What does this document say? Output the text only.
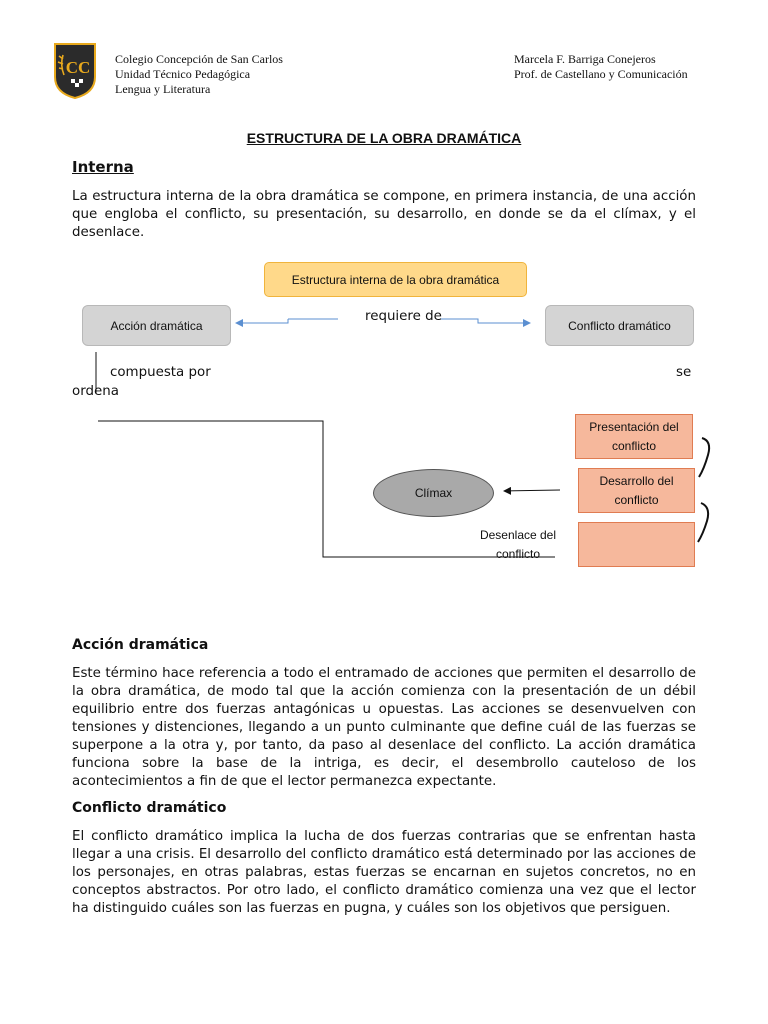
CC Colegio Concepción de San Carlos
Unidad Técnico Pedagógica
Lengua y Literatura
Marcela F. Barriga Conejeros
Prof. de Castellano y Comunicación
ESTRUCTURA DE LA OBRA DRAMÁTICA
Interna

La estructura interna de la obra dramática se compone, en primera instancia, de una acción que engloba el conflicto, su presentación, su desarrollo, en donde se da el clímax, y el desenlace.

Estructura interna de la obra dramática
Acción dramática	Conflicto dramático
requiere de
compuesta por	se
ordena
Presentación del conflicto
Desarrollo del conflicto
Clímax
Desenlace del conflicto
Acción dramática

Este término hace referencia a todo el entramado de acciones que permiten el desarrollo de la obra dramática, de modo tal que la acción comienza con la presentación de un débil equilibrio entre dos fuerzas antagónicas u opuestas. Las acciones se desenvuelven con tensiones y distenciones, llegando a un punto culminante que define cuál de las fuerzas se superpone a la otra y, por tanto, da paso al desenlace del conflicto. La acción dramática funciona sobre la base de la intriga, es decir, el desembrollo cauteloso de los acontecimientos a fin de que el lector permanezca expectante.

Conflicto dramático

El conflicto dramático implica la lucha de dos fuerzas contrarias que se enfrentan hasta llegar a una crisis. El desarrollo del conflicto dramático está determinado por las acciones de los personajes, en otras palabras, estas fuerzas se encarnan en sujetos concretos, no en conceptos abstractos. Por otro lado, el conflicto dramático comienza una vez que el lector ha distinguido cuáles son las fuerzas en pugna, y cuáles son los objetivos que persiguen.
